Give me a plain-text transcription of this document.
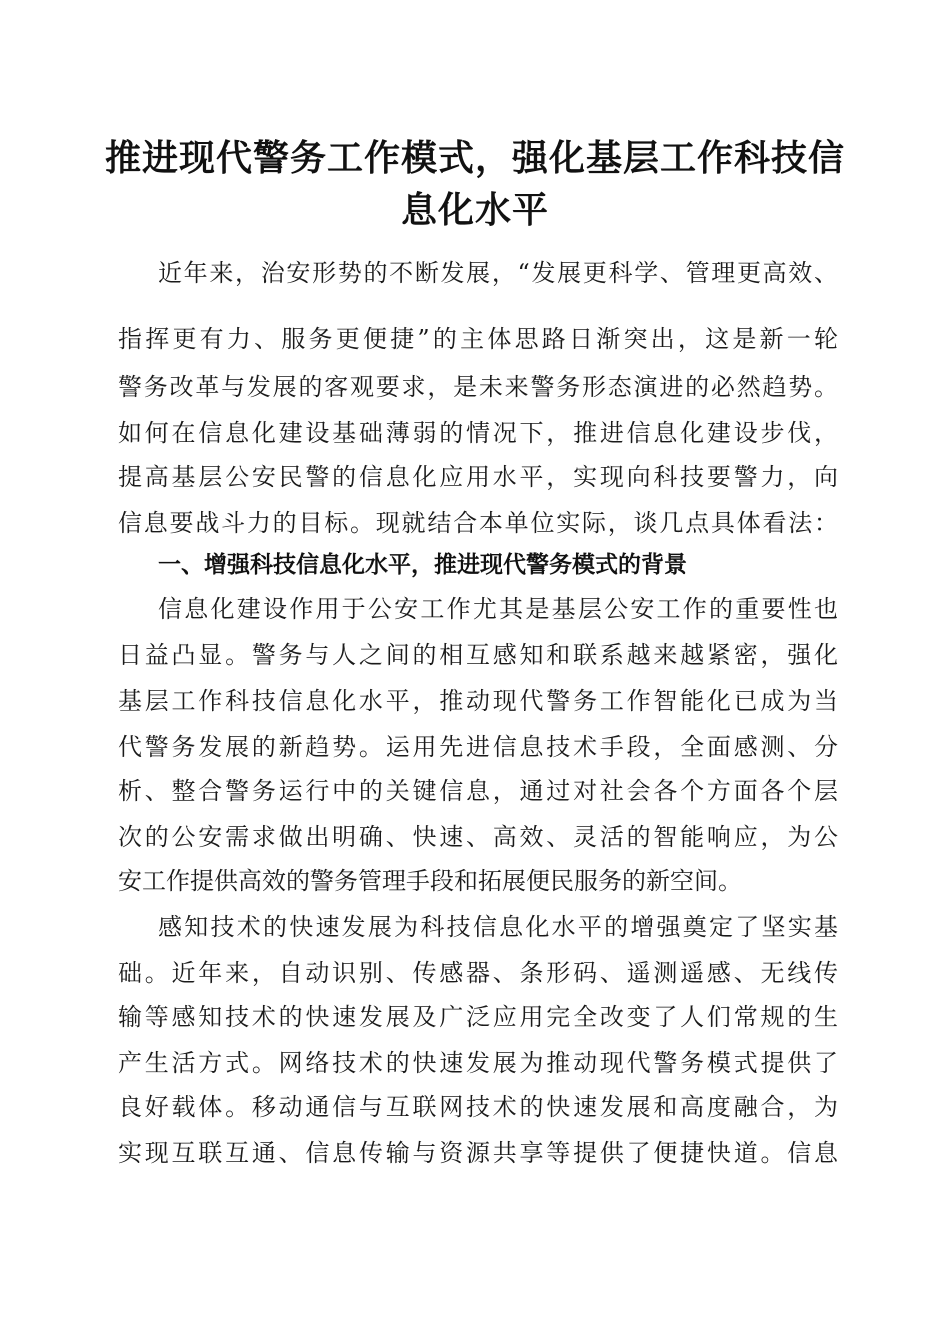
推进现代警务工作模式，强化基层工作科技信
息化水平
近年来，治安形势的不断发展，“发展更科学、管理更高效、
指挥更有力、服务更便捷”的主体思路日渐突出，这是新一轮
警务改革与发展的客观要求，是未来警务形态演进的必然趋势。
如何在信息化建设基础薄弱的情况下，推进信息化建设步伐，
提高基层公安民警的信息化应用水平，实现向科技要警力，向
信息要战斗力的目标。现就结合本单位实际，谈几点具体看法：
一、增强科技信息化水平，推进现代警务模式的背景
信息化建设作用于公安工作尤其是基层公安工作的重要性也
日益凸显。警务与人之间的相互感知和联系越来越紧密，强化
基层工作科技信息化水平，推动现代警务工作智能化已成为当
代警务发展的新趋势。运用先进信息技术手段，全面感测、分
析、整合警务运行中的关键信息，通过对社会各个方面各个层
次的公安需求做出明确、快速、高效、灵活的智能响应，为公
安工作提供高效的警务管理手段和拓展便民服务的新空间。
感知技术的快速发展为科技信息化水平的增强奠定了坚实基
础。近年来，自动识别、传感器、条形码、遥测遥感、无线传
输等感知技术的快速发展及广泛应用完全改变了人们常规的生
产生活方式。网络技术的快速发展为推动现代警务模式提供了
良好载体。移动通信与互联网技术的快速发展和高度融合，为
实现互联互通、信息传输与资源共享等提供了便捷快道。信息
